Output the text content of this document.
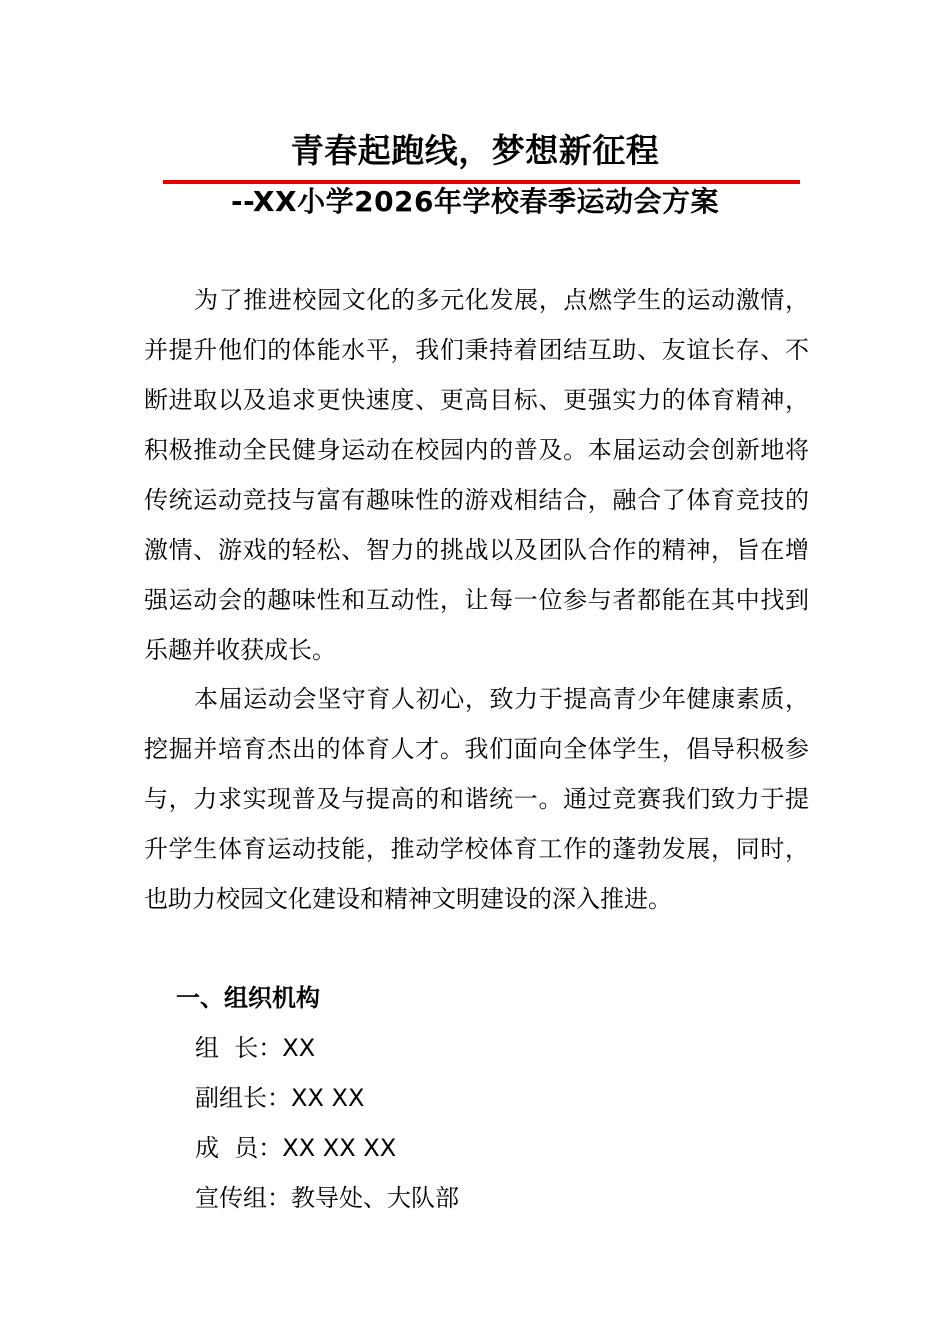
青春起跑线，梦想新征程
--XX小学2026年学校春季运动会方案

为了推进校园文化的多元化发展，点燃学生的运动激情，并提升他们的体能水平，我们秉持着团结互助、友谊长存、不断进取以及追求更快速度、更高目标、更强实力的体育精神，积极推动全民健身运动在校园内的普及。本届运动会创新地将传统运动竞技与富有趣味性的游戏相结合，融合了体育竞技的激情、游戏的轻松、智力的挑战以及团队合作的精神，旨在增强运动会的趣味性和互动性，让每一位参与者都能在其中找到乐趣并收获成长。

本届运动会坚守育人初心，致力于提高青少年健康素质，挖掘并培育杰出的体育人才。我们面向全体学生，倡导积极参与，力求实现普及与提高的和谐统一。通过竞赛我们致力于提升学生体育运动技能，推动学校体育工作的蓬勃发展，同时，也助力校园文化建设和精神文明建设的深入推进。

一、组织机构
组  长：XX
副组长：XX XX
成  员：XX XX XX
宣传组：教导处、大队部
